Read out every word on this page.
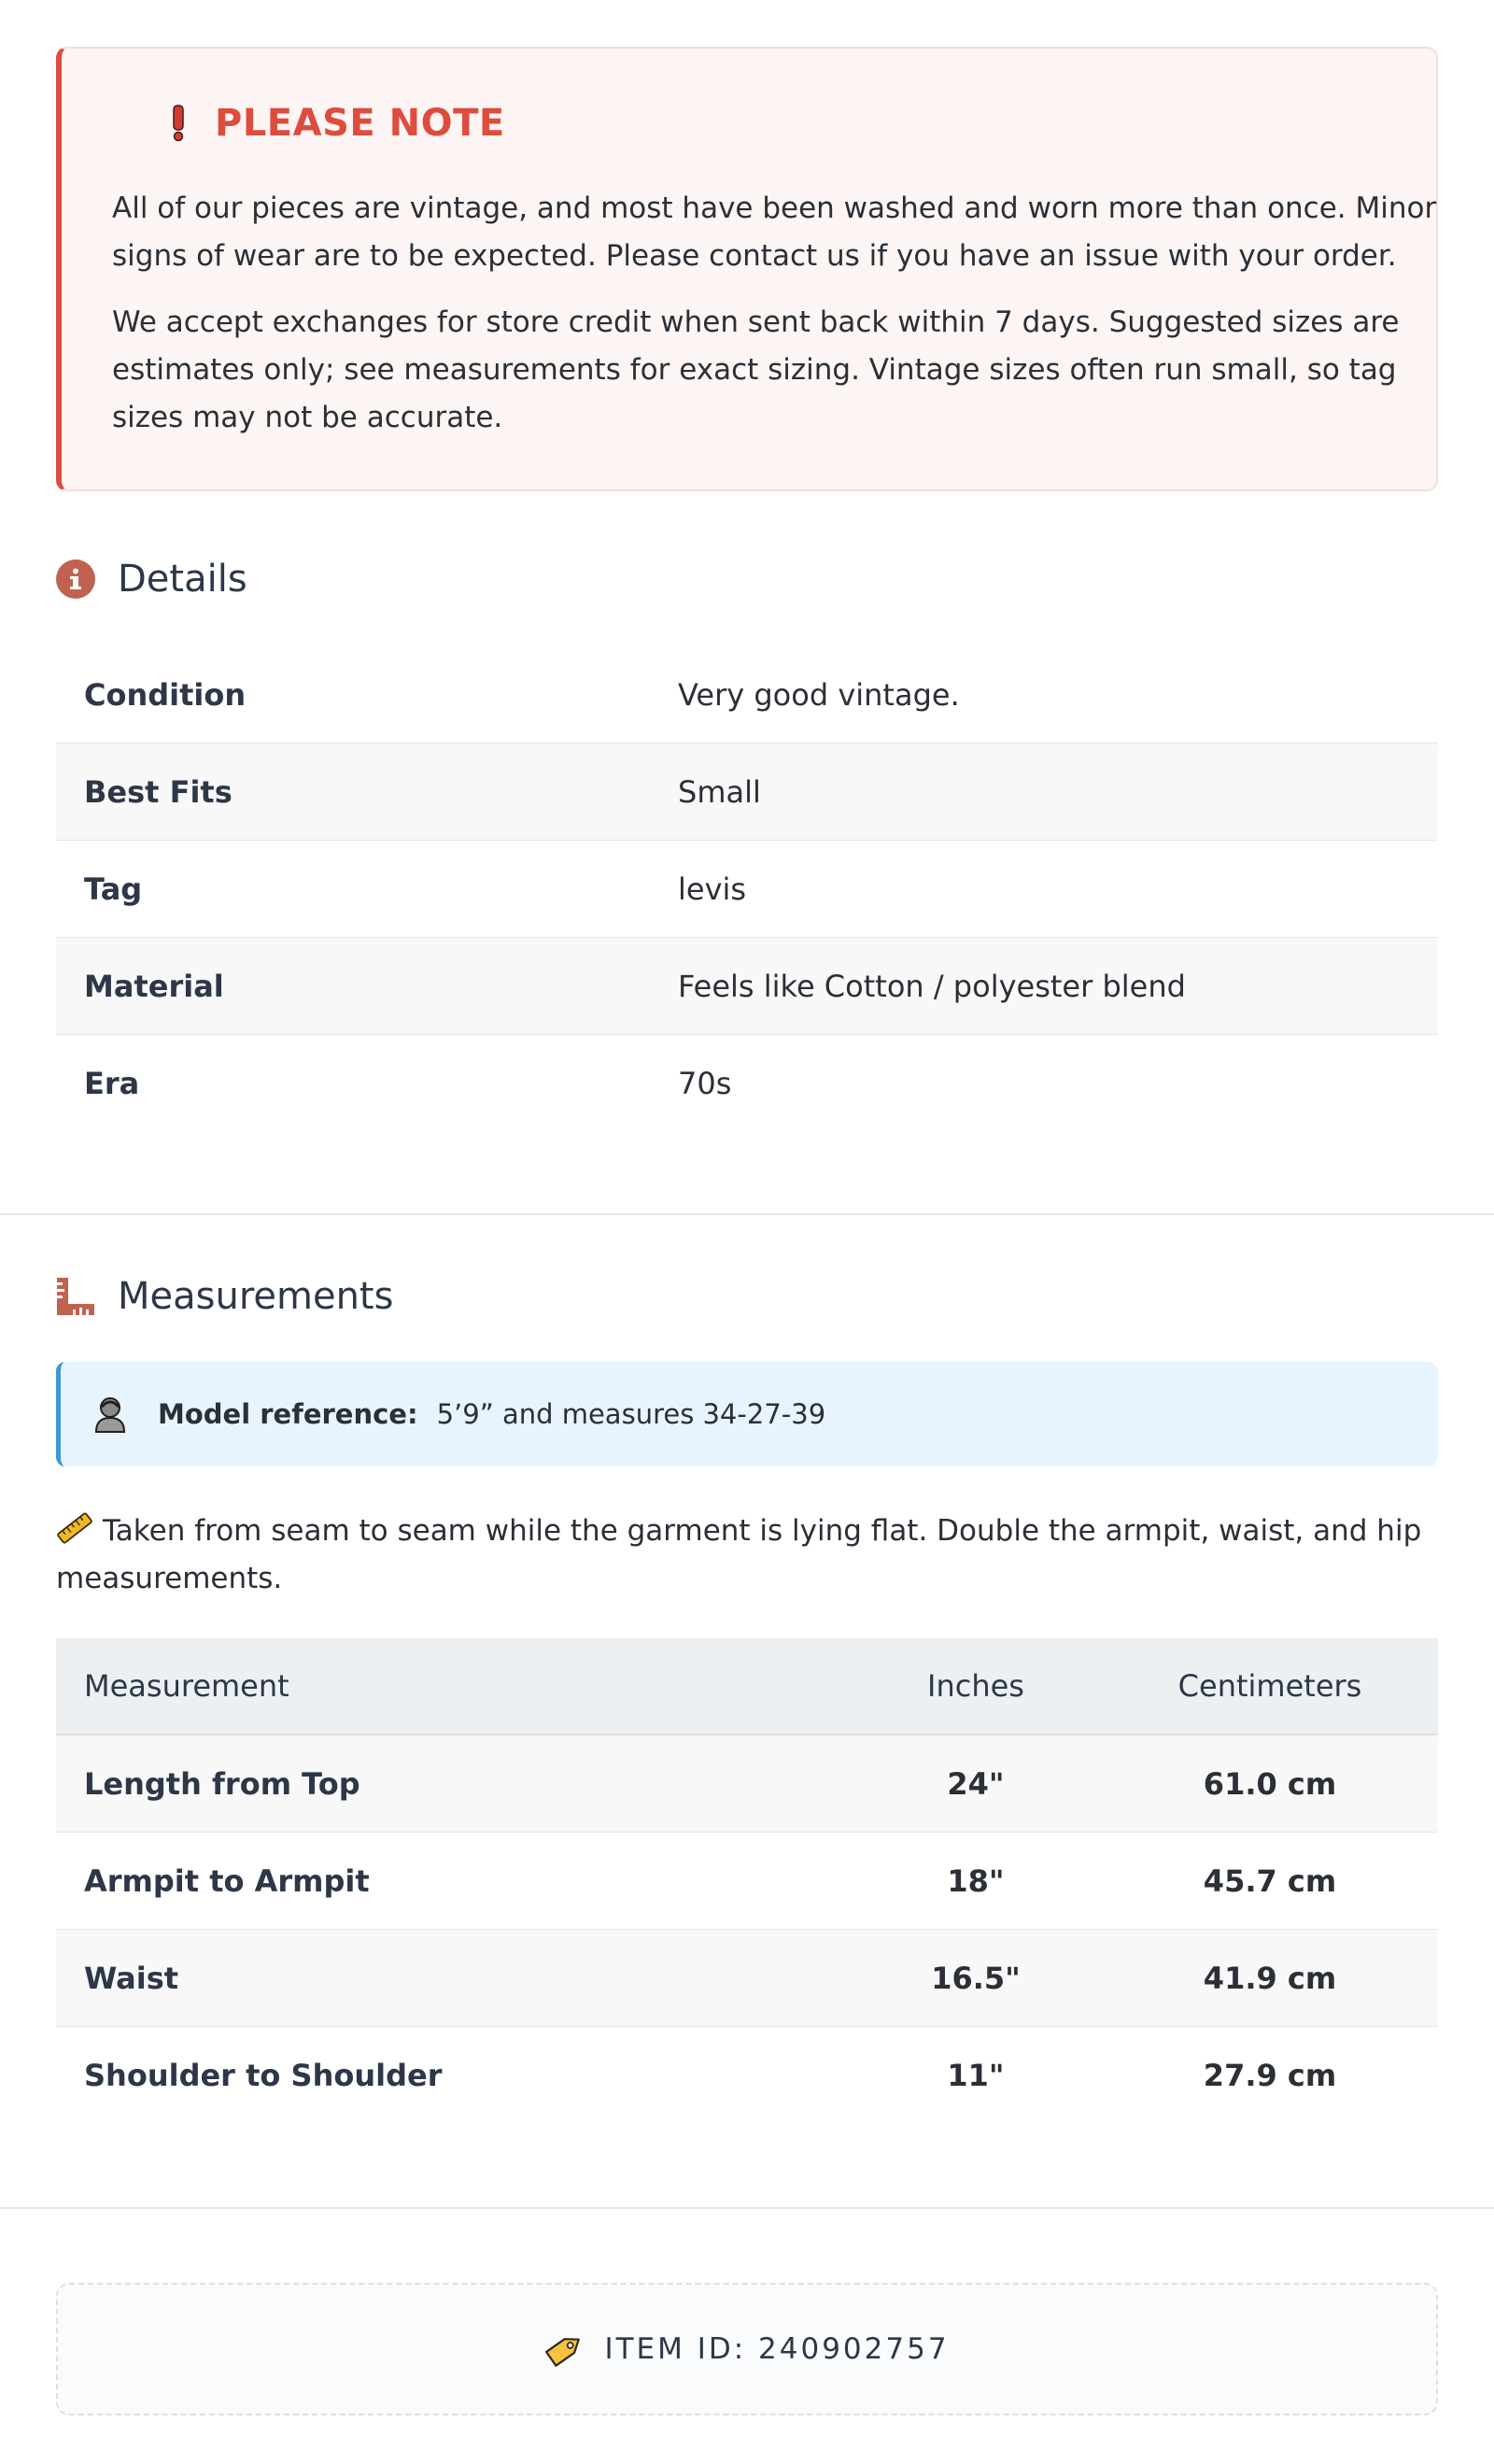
PLEASE NOTE

All of our pieces are vintage, and most have been washed and worn more than once. Minor signs of wear are to be expected. Please contact us if you have an issue with your order.

We accept exchanges for store credit when sent back within 7 days. Suggested sizes are estimates only; see measurements for exact sizing. Vintage sizes often run small, so tag sizes may not be accurate.

Details
Condition	Very good vintage.
Best Fits	Small
Tag	levis
Material	Feels like Cotton / polyester blend
Era	70s
Measurements
Model reference: 5’9” and measures 34-27-39

Taken from seam to seam while the garment is lying flat. Double the armpit, waist, and hip measurements.

Measurement	Inches	Centimeters
Length from Top	24"	61.0 cm
Armpit to Armpit	18"	45.7 cm
Waist	16.5"	41.9 cm
Shoulder to Shoulder	11"	27.9 cm
ITEM ID: 240902757
